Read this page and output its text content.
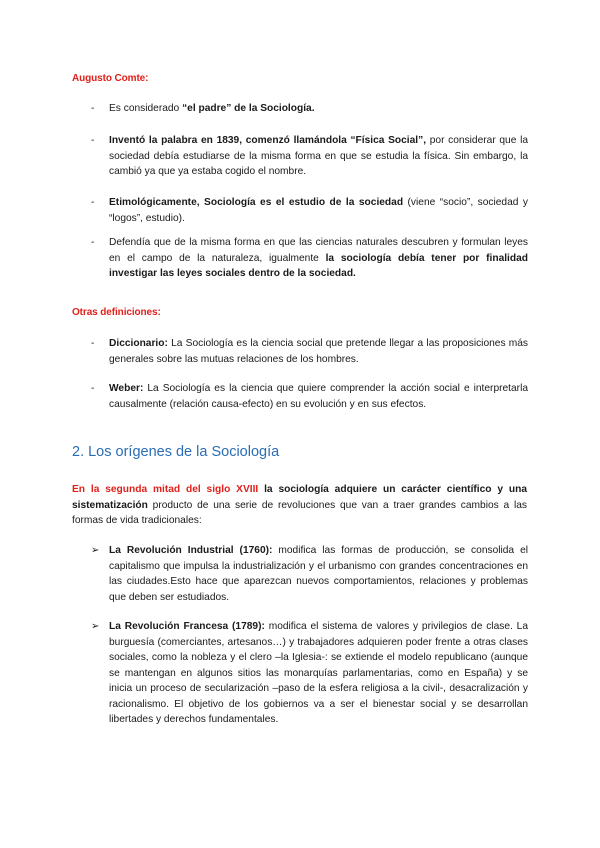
Augusto Comte:
- Es considerado “el padre” de la Sociología.
- Inventó la palabra en 1839, comenzó llamándola “Física Social”, por considerar que la sociedad debía estudiarse de la misma forma en que se estudia la física. Sin embargo, la cambió ya que ya estaba cogido el nombre.
- Etimológicamente, Sociología es el estudio de la sociedad (viene “socio”, sociedad y “logos”, estudio).
- Defendía que de la misma forma en que las ciencias naturales descubren y formulan leyes en el campo de la naturaleza, igualmente la sociología debía tener por finalidad investigar las leyes sociales dentro de la sociedad.
Otras definiciones:
- Diccionario: La Sociología es la ciencia social que pretende llegar a las proposiciones más generales sobre las mutuas relaciones de los hombres.
- Weber: La Sociología es la ciencia que quiere comprender la acción social e interpretarla causalmente (relación causa-efecto) en su evolución y en sus efectos.
2. Los orígenes de la Sociología
En la segunda mitad del siglo XVIII la sociología adquiere un carácter científico y una sistematización producto de una serie de revoluciones que van a traer grandes cambios a las formas de vida tradicionales:
➢ La Revolución Industrial (1760): modifica las formas de producción, se consolida el capitalismo que impulsa la industrialización y el urbanismo con grandes concentraciones en las ciudades.Esto hace que aparezcan nuevos comportamientos, relaciones y problemas que deben ser estudiados.
➢ La Revolución Francesa (1789): modifica el sistema de valores y privilegios de clase. La burguesía (comerciantes, artesanos…) y trabajadores adquieren poder frente a otras clases sociales, como la nobleza y el clero –la Iglesia-: se extiende el modelo republicano (aunque se mantengan en algunos sitios las monarquías parlamentarias, como en España) y se inicia un proceso de secularización –paso de la esfera religiosa a la civil-, desacralización y racionalismo. El objetivo de los gobiernos va a ser el bienestar social y se desarrollan libertades y derechos fundamentales.
